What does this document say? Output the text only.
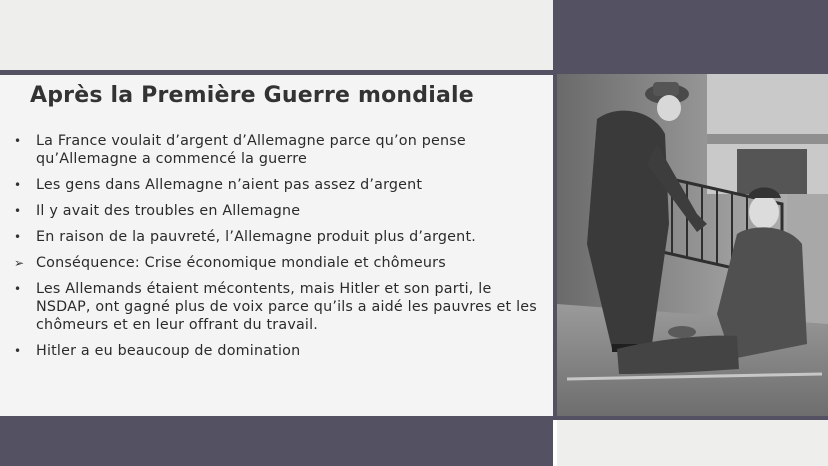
Après la Première Guerre mondiale
•	La France voulait d’argent d’Allemagne parce qu’on pense qu’Allemagne a commencé la guerre
•	Les gens dans Allemagne n’aient pas assez d’argent
•	Il y avait des troubles en Allemagne
•	En raison de la pauvreté, l’Allemagne produit plus d’argent.
➢ Conséquence: Crise économique mondiale et chômeurs
•	Les Allemands étaient mécontents, mais Hitler et son parti, le NSDAP, ont gagné plus de voix parce qu’ils a aidé les pauvres et les chômeurs et en leur offrant du travail.
•	Hitler a eu beaucoup de domination
